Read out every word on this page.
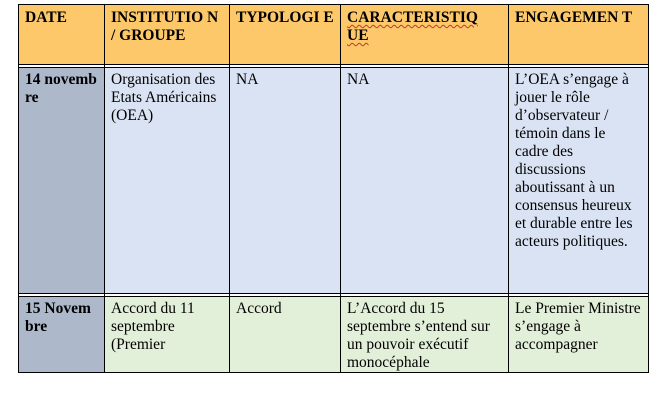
DATE	INSTITUTIO N / GROUPE	TYPOLOGI E	CARACTERISTIQ UE	ENGAGEMEN T

14 novembre	Organisation des Etats Américains (OEA)	NA	NA	L’OEA s’engage à jouer le rôle d’observateur / témoin dans le cadre des discussions aboutissant à un consensus heureux et durable entre les acteurs politiques.

15 Novembre	Accord du 11 septembre (Premier	Accord	L’Accord du 15 septembre s’entend sur un pouvoir exécutif monocéphale	Le Premier Ministre s’engage à accompagner
